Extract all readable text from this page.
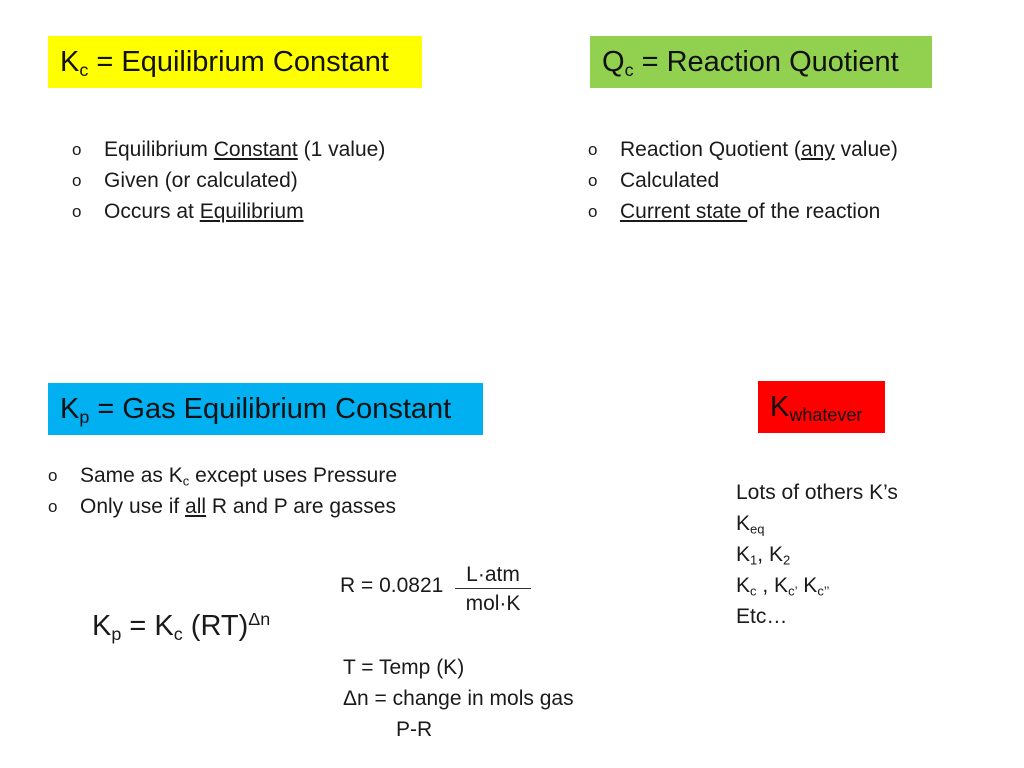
$K_c$ = Equilibrium Constant	$Q_c$ = Reaction Quotient
$K_p$ = Gas Equilibrium Constant	$K_{whatever}$
o Equilibrium Constant (1 value)
o Given (or calculated)
o Occurs at Equilibrium
o Reaction Quotient (any value)
o Calculated
o Current state of the reaction
o Same as $K_c$ except uses Pressure
o Only use if all R and P are gasses
Lots of others K’s
$K_{eq}$
$K_1$, $K_2$
$K_c$ , $K_{c’}$ $K_{c’’}$
Etc…
R = 0.0821	L·atm
mol·K
$K_p = K_c$ (RT)$^{\Delta n}$
T = Temp (K)
Δn = change in mols gas
P-R
